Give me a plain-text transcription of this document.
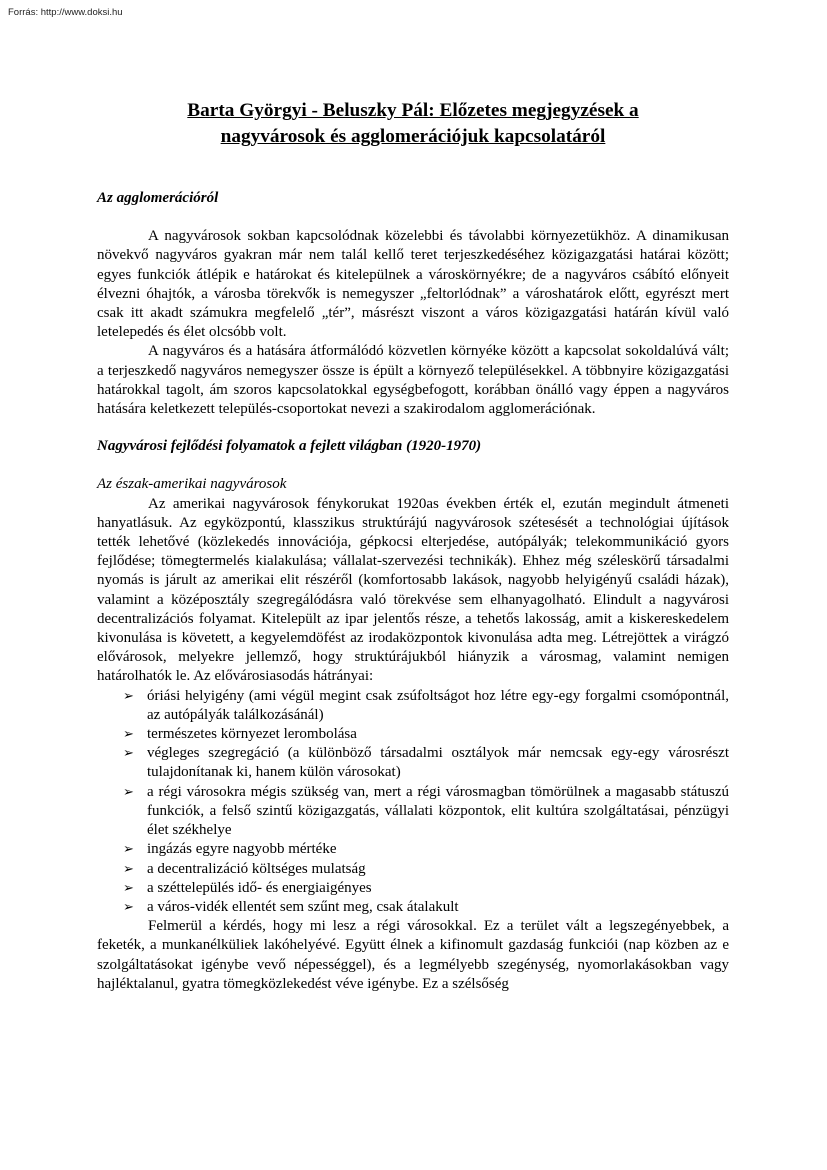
Forrás: http://www.doksi.hu
Barta Györgyi - Beluszky Pál: Előzetes megjegyzések a
nagyvárosok és agglomerációjuk kapcsolatáról

Az agglomerációról

A nagyvárosok sokban kapcsolódnak közelebbi és távolabbi környezetükhöz. A dinamikusan növekvő nagyváros gyakran már nem talál kellő teret terjeszkedéséhez közigazgatási határai között; egyes funkciók átlépik e határokat és kitelepülnek a városkörnyékre; de a nagyváros csábító előnyeit élvezni óhajtók, a városba törekvők is nemegyszer „feltorlódnak” a városhatárok előtt, egyrészt mert csak itt akadt számukra megfelelő „tér”, másrészt viszont a város közigazgatási határán kívül való letelepedés és élet olcsóbb volt.

A nagyváros és a hatására átformálódó közvetlen környéke között a kapcsolat sokoldalúvá vált; a terjeszkedő nagyváros nemegyszer össze is épült a környező településekkel. A többnyire közigazgatási határokkal tagolt, ám szoros kapcsolatokkal egységbefogott, korábban önálló vagy éppen a nagyváros hatására keletkezett település-csoportokat nevezi a szakirodalom agglomerációnak.

Nagyvárosi fejlődési folyamatok a fejlett világban (1920-1970)

Az észak-amerikai nagyvárosok

Az amerikai nagyvárosok fénykorukat 1920as években érték el, ezután megindult átmeneti hanyatlásuk. Az egyközpontú, klasszikus struktúrájú nagyvárosok szétesését a technológiai újítások tették lehetővé (közlekedés innovációja, gépkocsi elterjedése, autópályák; telekommunikáció gyors fejlődése; tömegtermelés kialakulása; vállalat-szervezési technikák). Ehhez még széleskörű társadalmi nyomás is járult az amerikai elit részéről (komfortosabb lakások, nagyobb helyigényű családi házak), valamint a középosztály szegregálódásra való törekvése sem elhanyagolható. Elindult a nagyvárosi decentralizációs folyamat. Kitelepült az ipar jelentős része, a tehetős lakosság, amit a kiskereskedelem kivonulása is követett, a kegyelemdöfést az irodaközpontok kivonulása adta meg. Létrejöttek a virágzó elővárosok, melyekre jellemző, hogy struktúrájukból hiányzik a városmag, valamint nemigen határolhatók le. Az elővárosiasodás hátrányai:

➢ óriási helyigény (ami végül megint csak zsúfoltságot hoz létre egy-egy forgalmi csomópontnál, az autópályák találkozásánál)
➢ természetes környezet lerombolása
➢ végleges szegregáció (a különböző társadalmi osztályok már nemcsak egy-egy városrészt tulajdonítanak ki, hanem külön városokat)
➢ a régi városokra mégis szükség van, mert a régi városmagban tömörülnek a magasabb státuszú funkciók, a felső szintű közigazgatás, vállalati központok, elit kultúra szolgáltatásai, pénzügyi élet székhelye
➢ ingázás egyre nagyobb mértéke
➢ a decentralizáció költséges mulatság
➢ a széttelepülés idő- és energiaigényes
➢ a város-vidék ellentét sem szűnt meg, csak átalakult

Felmerül a kérdés, hogy mi lesz a régi városokkal. Ez a terület vált a legszegényebbek, a feketék, a munkanélküliek lakóhelyévé. Együtt élnek a kifinomult gazdaság funkciói (nap közben az e szolgáltatásokat igénybe vevő népességgel), és a legmélyebb szegénység, nyomorlakásokban vagy hajléktalanul, gyatra tömegközlekedést véve igénybe. Ez a szélsőség
